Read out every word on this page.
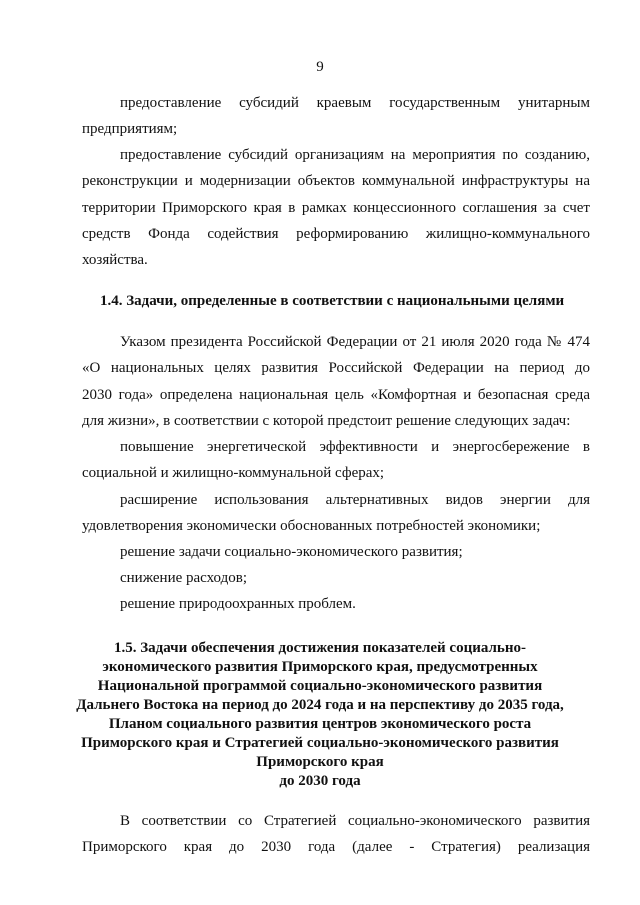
9
предоставление субсидий краевым государственным унитарным
предприятиям;
предоставление субсидий организациям на мероприятия по созданию,
реконструкции и модернизации объектов коммунальной инфраструктуры на
территории Приморского края в рамках концессионного соглашения за счет
средств Фонда содействия реформированию жилищно-коммунального
хозяйства.
1.4. Задачи, определенные в соответствии с национальными целями
Указом президента Российской Федерации от 21 июля 2020 года № 474
«О национальных целях развития Российской Федерации на период до
2030 года» определена национальная цель «Комфортная и безопасная среда
для жизни», в соответствии с которой предстоит решение следующих задач:
повышение энергетической эффективности и энергосбережение в
социальной и жилищно-коммунальной сферах;
расширение использования альтернативных видов энергии для
удовлетворения экономически обоснованных потребностей экономики;
решение задачи социально-экономического развития;
снижение расходов;
решение природоохранных проблем.
1.5. Задачи обеспечения достижения показателей социально-
экономического развития Приморского края, предусмотренных
Национальной программой социально-экономического развития
Дальнего Востока на период до 2024 года и на перспективу до 2035 года,
Планом социального развития центров экономического роста
Приморского края и Стратегией социально-экономического развития
Приморского края
до 2030 года
В соответствии со Стратегией социально-экономического развития
Приморского края до 2030 года (далее - Стратегия) реализация
